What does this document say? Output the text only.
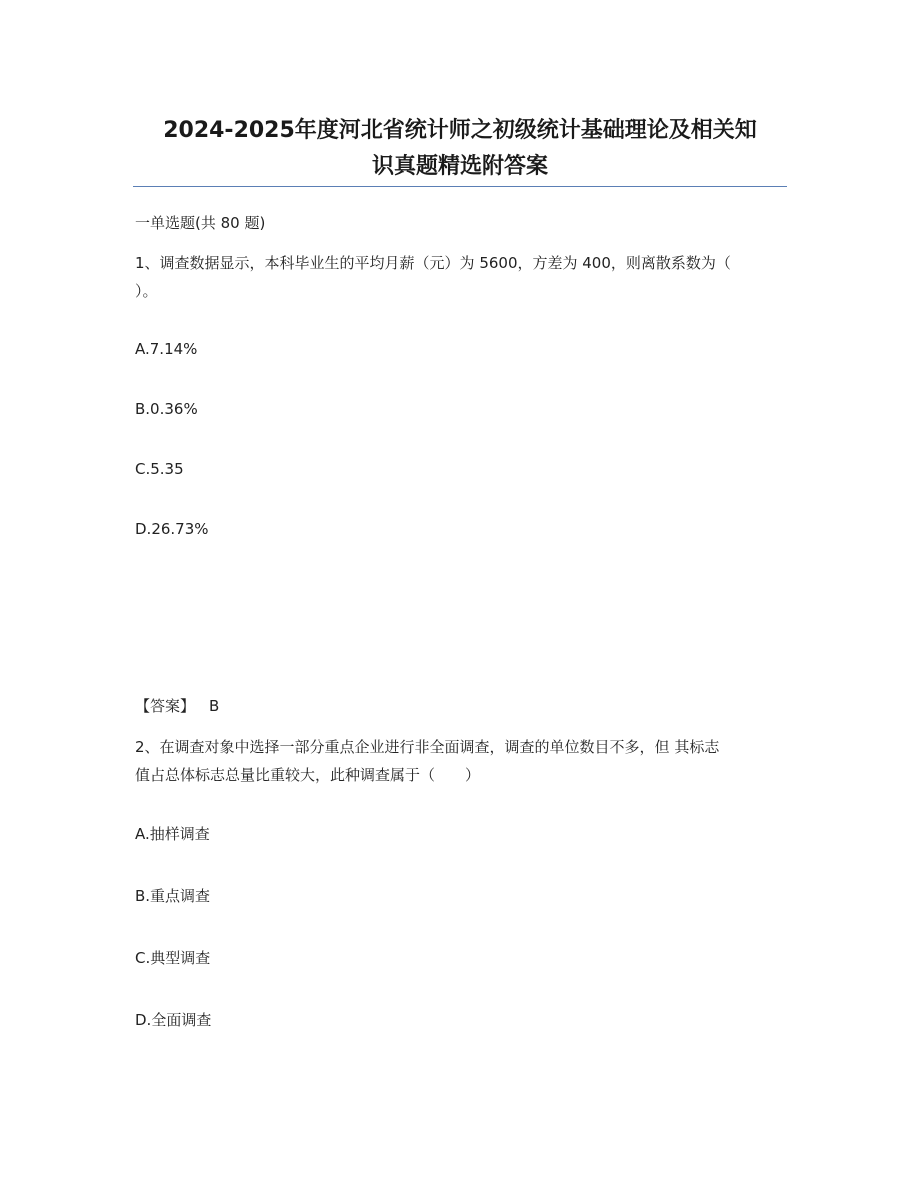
2024-2025年度河北省统计师之初级统计基础理论及相关知
识真题精选附答案
一单选题(共 80 题)
1、调查数据显示，本科毕业生的平均月薪（元）为 5600，方差为 400，则离散系数为（
）。
A.7.14%
B.0.36%
C.5.35
D.26.73%
【答案】 B
2、在调查对象中选择一部分重点企业进行非全面调查，调查的单位数目不多，但 其标志
值占总体标志总量比重较大，此种调查属于（　　）
A.抽样调查
B.重点调查
C.典型调查
D.全面调查
